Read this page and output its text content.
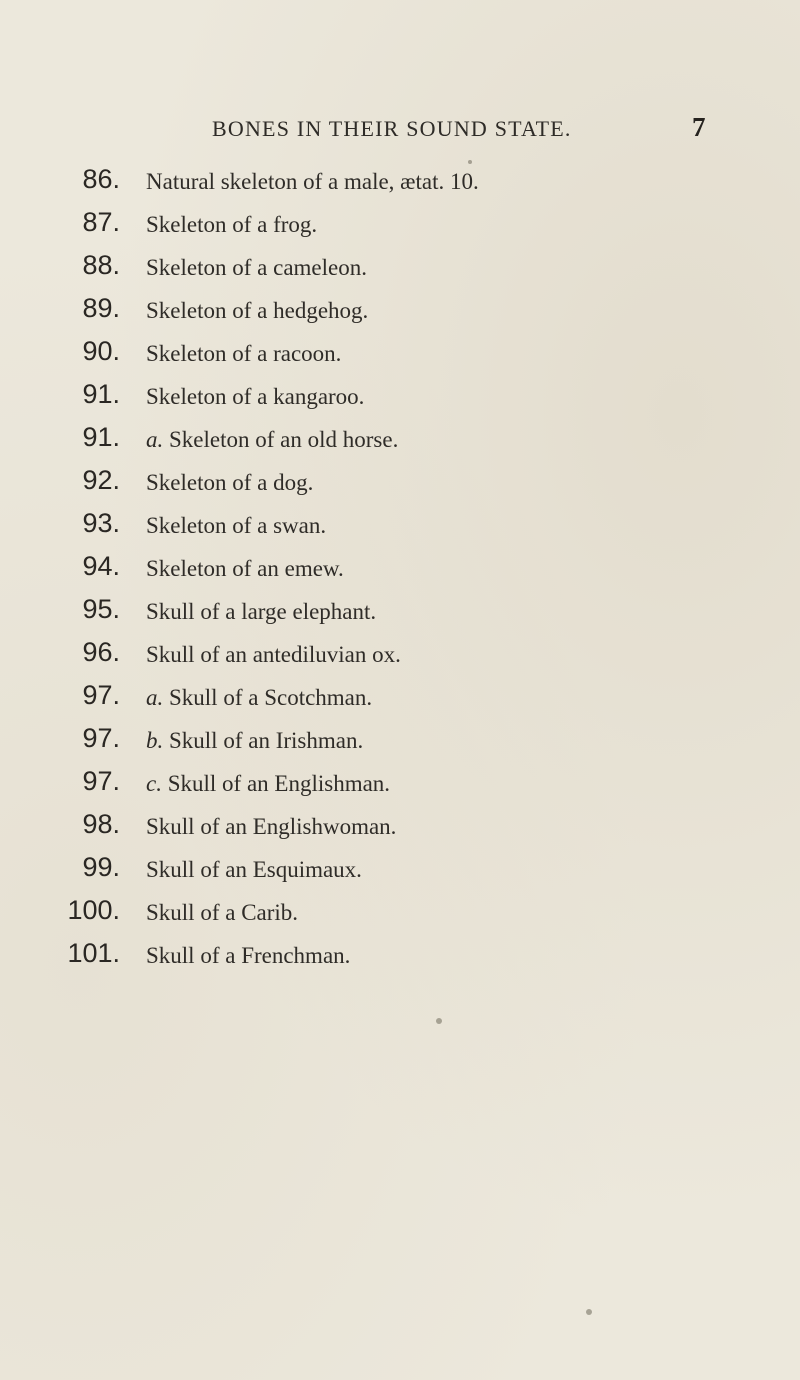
BONES IN THEIR SOUND STATE.	7
86. Natural skeleton of a male, ætat. 10.
87. Skeleton of a frog.
88. Skeleton of a cameleon.
89. Skeleton of a hedgehog.
90. Skeleton of a racoon.
91. Skeleton of a kangaroo.
91. a. Skeleton of an old horse.
92. Skeleton of a dog.
93. Skeleton of a swan.
94. Skeleton of an emew.
95. Skull of a large elephant.
96. Skull of an antediluvian ox.
97. a. Skull of a Scotchman.
97. b. Skull of an Irishman.
97. c. Skull of an Englishman.
98. Skull of an Englishwoman.
99. Skull of an Esquimaux.
100. Skull of a Carib.
101. Skull of a Frenchman.
